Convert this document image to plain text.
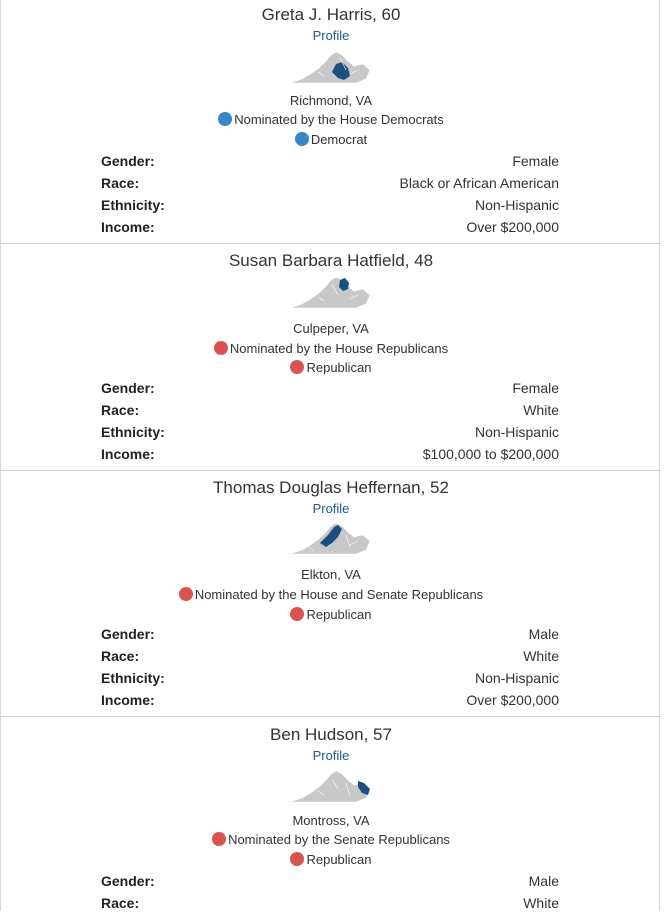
Greta J. Harris, 60
Profile
Richmond, VA
Nominated by the House Democrats
Democrat
Gender:	Female
Race:	Black or African American
Ethnicity:	Non-Hispanic
Income:	Over $200,000
Susan Barbara Hatfield, 48
Culpeper, VA
Nominated by the House Republicans
Republican
Gender:	Female
Race:	White
Ethnicity:	Non-Hispanic
Income:	$100,000 to $200,000
Thomas Douglas Heffernan, 52
Profile
Elkton, VA
Nominated by the House and Senate Republicans
Republican
Gender:	Male
Race:	White
Ethnicity:	Non-Hispanic
Income:	Over $200,000
Ben Hudson, 57
Profile
Montross, VA
Nominated by the Senate Republicans
Republican
Gender:	Male
Race:	White
